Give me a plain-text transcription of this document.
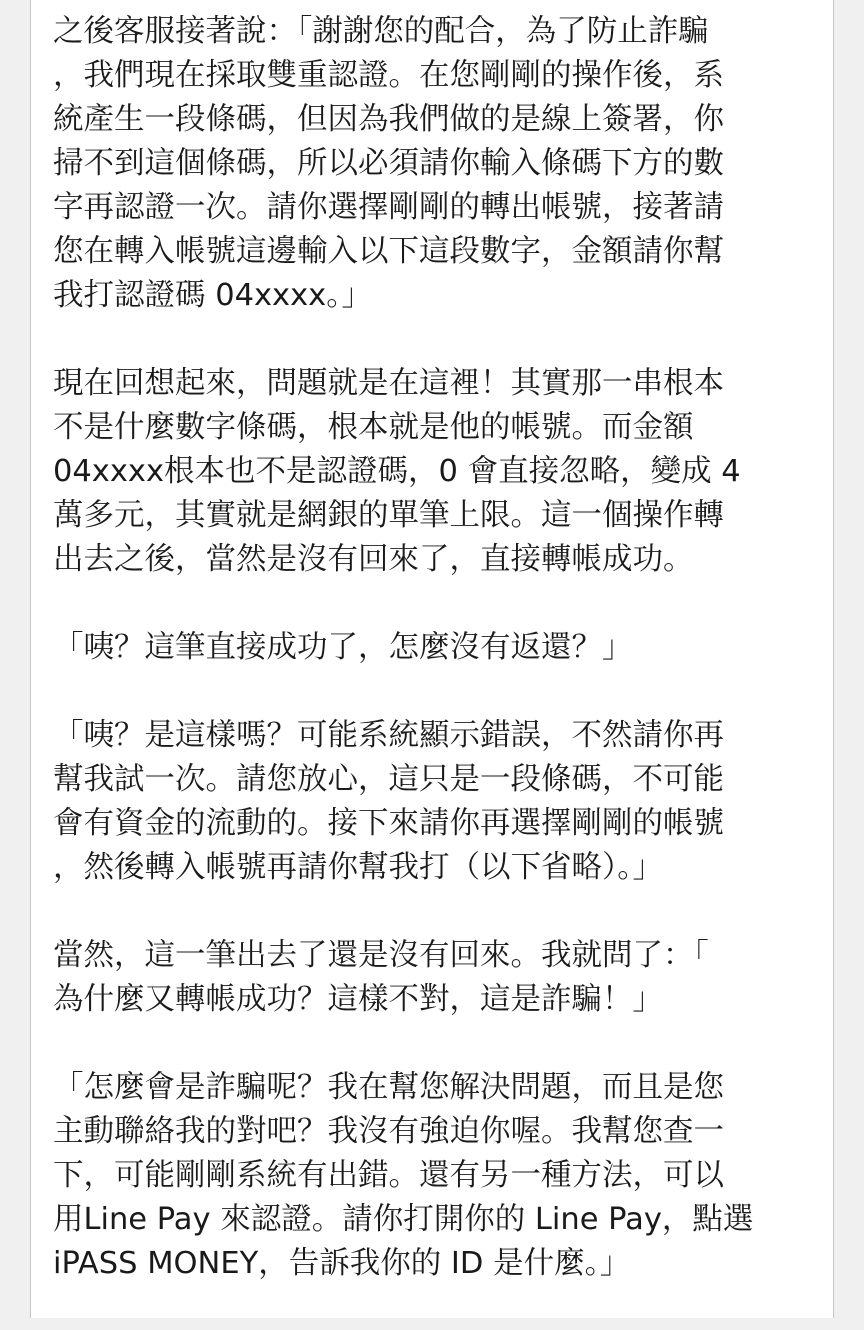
之後客服接著說：「謝謝您的配合，為了防止詐騙
，我們現在採取雙重認證。在您剛剛的操作後，系
統產生一段條碼，但因為我們做的是線上簽署，你
掃不到這個條碼，所以必須請你輸入條碼下方的數
字再認證一次。請你選擇剛剛的轉出帳號，接著請
您在轉入帳號這邊輸入以下這段數字，金額請你幫
我打認證碼 04xxxx。」

現在回想起來，問題就是在這裡！其實那一串根本
不是什麼數字條碼，根本就是他的帳號。而金額
04xxxx根本也不是認證碼，0 會直接忽略，變成 4
萬多元，其實就是網銀的單筆上限。這一個操作轉
出去之後，當然是沒有回來了，直接轉帳成功。

「咦？這筆直接成功了，怎麼沒有返還？」

「咦？是這樣嗎？可能系統顯示錯誤，不然請你再
幫我試一次。請您放心，這只是一段條碼，不可能
會有資金的流動的。接下來請你再選擇剛剛的帳號
，然後轉入帳號再請你幫我打（以下省略）。」

當然，這一筆出去了還是沒有回來。我就問了：「
為什麼又轉帳成功？這樣不對，這是詐騙！」

「怎麼會是詐騙呢？我在幫您解決問題，而且是您
主動聯絡我的對吧？我沒有強迫你喔。我幫您查一
下，可能剛剛系統有出錯。還有另一種方法，可以
用Line Pay 來認證。請你打開你的 Line Pay，點選
iPASS MONEY，告訴我你的 ID 是什麼。」
